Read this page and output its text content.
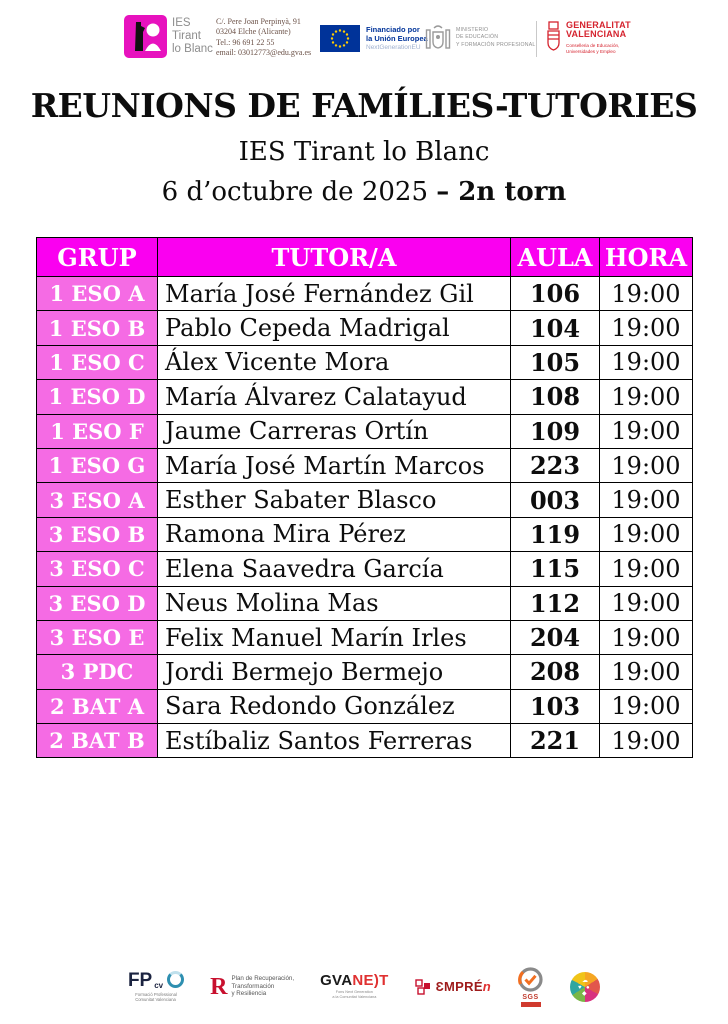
IES
Tirant
lo Blanc
C/. Pere Joan Perpinyà, 91
03204 Elche (Alicante)
Tel.: 96 691 22 55
email: 03012773@edu.gva.es
Financiado por
la Unión Europea
NextGenerationEU
MINISTERIO
DE EDUCACIÓN
Y FORMACIÓN PROFESIONAL
GENERALITAT
VALENCIANA
Conselleria de Educación,
Universidades y Empleo
REUNIONS DE FAMÍLIES-TUTORIES
IES Tirant lo Blanc
6 d’octubre de 2025 – 2n torn
GRUP	TUTOR/A	AULA	HORA
1 ESO A	María José Fernández Gil	106	19:00
1 ESO B	Pablo Cepeda Madrigal	104	19:00
1 ESO C	Álex Vicente Mora	105	19:00
1 ESO D	María Álvarez Calatayud	108	19:00
1 ESO F	Jaume Carreras Ortín	109	19:00
1 ESO G	María José Martín Marcos	223	19:00
3 ESO A	Esther Sabater Blasco	003	19:00
3 ESO B	Ramona Mira Pérez	119	19:00
3 ESO C	Elena Saavedra García	115	19:00
3 ESO D	Neus Molina Mas	112	19:00
3 ESO E	Felix Manuel Marín Irles	204	19:00
3 PDC	Jordi Bermejo Bermejo	208	19:00
2 BAT A	Sara Redondo González	103	19:00
2 BAT B	Estíbaliz Santos Ferreras	221	19:00
FP cv
Formació Professional
Comunitat Valenciana R Plan de Recuperación,
Transformación
y Resiliencia
GVANE)T
Fons Next Generation
a la Comunitat Valenciana
ƐMPRÉn
SGS
☁
♥ ●
◆
